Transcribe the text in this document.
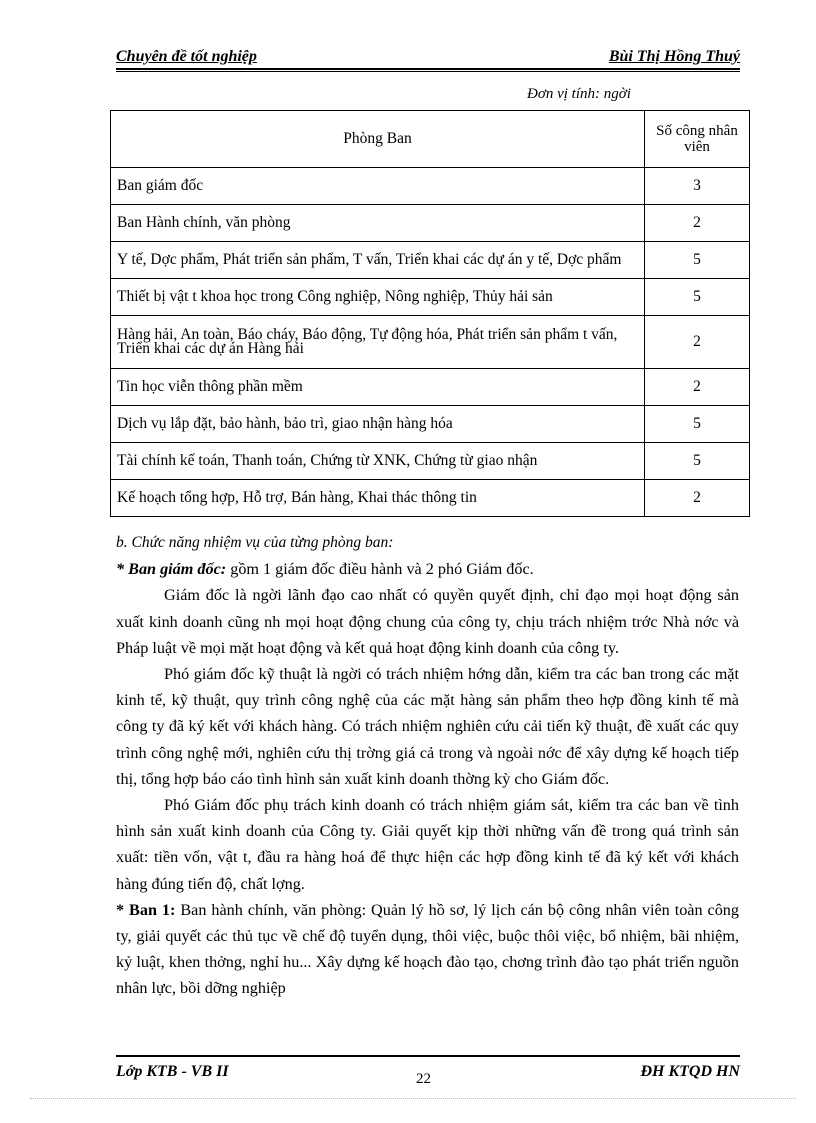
Chuyên đề tốt nghiệp	Bùi Thị Hồng Thuý
Đơn vị tính: ngời
Phòng Ban	Số công nhân viên
Ban giám đốc	3
Ban Hành chính, văn phòng	2
Y tế, Dợc phẩm, Phát triển sản phẩm, T vấn, Triển khai các dự án y tế, Dợc phẩm	5
Thiết bị vật t khoa học trong Công nghiệp, Nông nghiệp, Thủy hải sản	5
Hàng hải, An toàn, Báo cháy, Báo động, Tự động hóa, Phát triển sản phẩm t vấn, Triển khai các dự án Hàng hải	2
Tin học viễn thông phần mềm	2
Dịch vụ lắp đặt, bảo hành, bảo trì, giao nhận hàng hóa	5
Tài chính kế toán, Thanh toán, Chứng từ XNK, Chứng từ giao nhận	5
Kế hoạch tổng hợp, Hỗ trợ, Bán hàng, Khai thác thông tin	2

b. Chức năng nhiệm vụ của từng phòng ban:

* Ban giám đốc: gồm 1 giám đốc điều hành và 2 phó Giám đốc.

Giám đốc là ngời lãnh đạo cao nhất có quyền quyết định, chỉ đạo mọi hoạt động sản xuất kinh doanh cũng nh mọi hoạt động chung của công ty, chịu trách nhiệm trớc Nhà nớc và Pháp luật về mọi mặt hoạt động và kết quả hoạt động kinh doanh của công ty.

Phó giám đốc kỹ thuật là ngời có trách nhiệm hớng dẫn, kiểm tra các ban trong các mặt kinh tế, kỹ thuật, quy trình công nghệ của các mặt hàng sản phẩm theo hợp đồng kinh tế mà công ty đã ký kết với khách hàng. Có trách nhiệm nghiên cứu cải tiến kỹ thuật, đề xuất các quy trình công nghệ mới, nghiên cứu thị trờng giá cả trong và ngoài nớc để xây dựng kế hoạch tiếp thị, tổng hợp báo cáo tình hình sản xuất kinh doanh thờng kỳ cho Giám đốc.

Phó Giám đốc phụ trách kinh doanh có trách nhiệm giám sát, kiểm tra các ban về tình hình sản xuất kinh doanh của Công ty. Giải quyết kịp thời những vấn đề trong quá trình sản xuất: tiền vốn, vật t, đầu ra hàng hoá để thực hiện các hợp đồng kinh tế đã ký kết với khách hàng đúng tiến độ, chất lợng.

* Ban 1: Ban hành chính, văn phòng: Quản lý hồ sơ, lý lịch cán bộ công nhân viên toàn công ty, giải quyết các thủ tục về chế độ tuyển dụng, thôi việc, buộc thôi việc, bổ nhiệm, bãi nhiệm, kỷ luật, khen thởng, nghỉ hu... Xây dựng kế hoạch đào tạo, chơng trình đào tạo phát triển nguồn nhân lực, bồi dỡng nghiệp

Lớp KTB - VB II	22	ĐH KTQD HN
